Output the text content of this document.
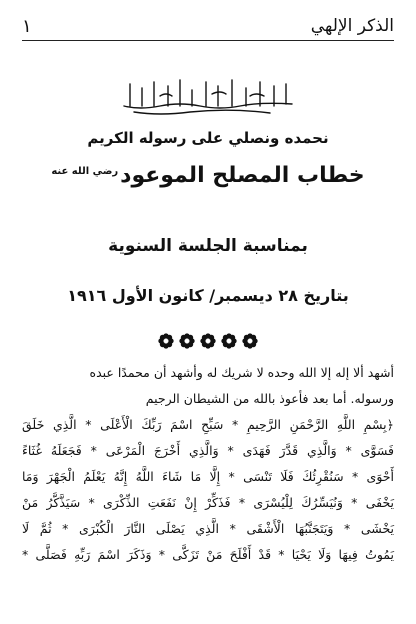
الذكر الإلهي
١
نحمده ونصلي على رسوله الكريم
خطاب المصلح الموعود$^{رضي الله عنه}$
بمناسبة الجلسة السنوية
بتاريخ ٢٨ ديسمبر/ كانون الأول ١٩١٦
أشهد ألا إله إلا الله وحده لا شريك له وأشهد أن محمدًا عبده
ورسوله. أما بعد فأعوذ بالله من الشيطان الرجيم
﴿بِسْمِ اللَّهِ الرَّحْمَنِ الرَّحِيمِ * سَبِّحِ اسْمَ رَبِّكَ الْأَعْلَى * الَّذِي خَلَقَ
فَسَوَّى * وَالَّذِي قَدَّرَ فَهَدَى * وَالَّذِي أَخْرَجَ الْمَرْعَى * فَجَعَلَهُ غُثَاءً
أَحْوَى * سَنُقْرِئُكَ فَلَا تَنْسَى * إِلَّا مَا شَاءَ اللَّهُ إِنَّهُ يَعْلَمُ الْجَهْرَ وَمَا
يَخْفَى * وَنُيَسِّرُكَ لِلْيُسْرَى * فَذَكِّرْ إِنْ نَفَعَتِ الذِّكْرَى * سَيَذَّكَّرُ مَنْ
يَخْشَى * وَيَتَجَنَّبُهَا الْأَشْقَى * الَّذِي يَصْلَى النَّارَ الْكُبْرَى * ثُمَّ لَا
يَمُوتُ فِيهَا وَلَا يَحْيَا * قَدْ أَفْلَحَ مَنْ تَزَكَّى * وَذَكَرَ اسْمَ رَبِّهِ فَصَلَّى *
